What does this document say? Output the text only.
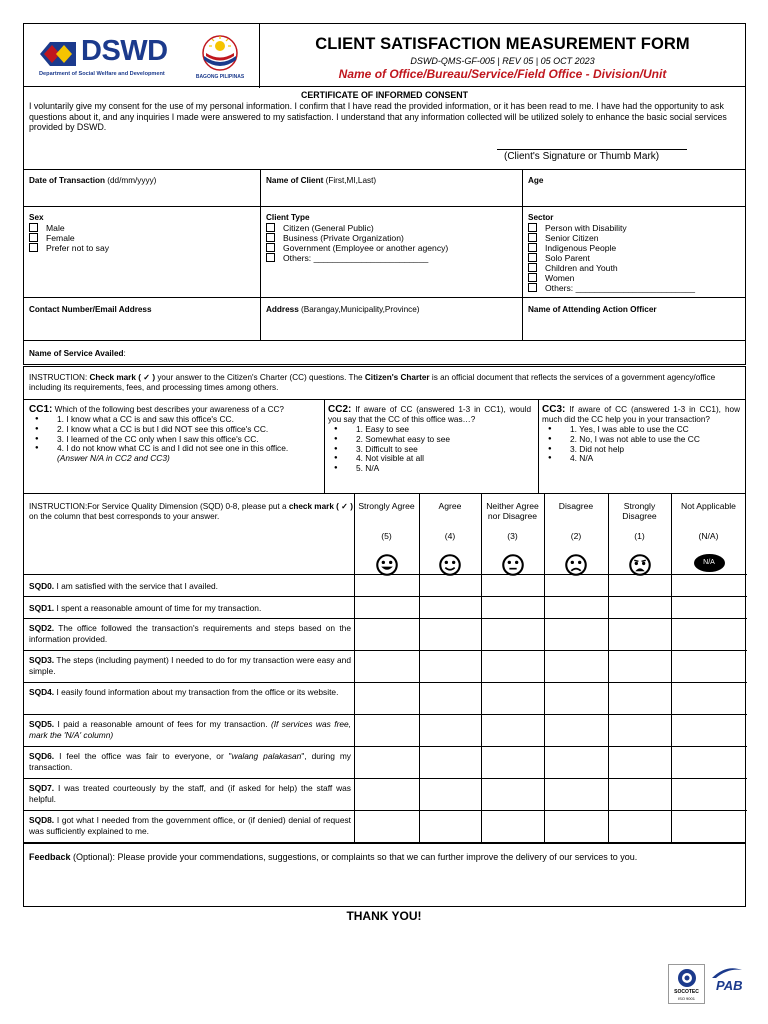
DSWD
Department of Social Welfare and Development	BAGONG PILIPINAS
CLIENT SATISFACTION MEASUREMENT FORM
DSWD-QMS-GF-005 | REV 05 | 05 OCT 2023
Name of Office/Bureau/Service/Field Office - Division/Unit
CERTIFICATE OF INFORMED CONSENT
I voluntarily give my consent for the use of my personal information. I confirm that I have read the provided information, or it has been read to me. I have had the opportunity to ask questions about it, and any inquiries I made were answered to my satisfaction. I understand that any information collected will be utilized solely to enhance the basic social services provided by DSWD.
(Client's Signature or Thumb Mark)
Date of Transaction (dd/mm/yyyy)	Name of Client (First,MI,Last)	Age
Sex
Male
Female
Prefer not to say
Client Type
Citizen (General Public)
Business (Private Organization)
Government (Employee or another agency)
Others: ________________________
Sector
Person with Disability
Senior Citizen
Indigenous People
Solo Parent
Children and Youth
Women
Others: _________________________
Contact Number/Email Address	Address (Barangay,Municipality,Province)	Name of Attending Action Officer
Name of Service Availed:
INSTRUCTION: Check mark ( ✓ ) your answer to the Citizen's Charter (CC) questions. The Citizen's Charter is an official document that reflects the services of a government agency/office including its requirements, fees, and processing times among others.
CC1: Which of the following best describes your awareness of a CC?
● 1. I know what a CC is and saw this office's CC.
● 2. I know what a CC is but I did NOT see this office's CC.
● 3. I learned of the CC only when I saw this office's CC.
● 4. I do not know what CC is and I did not see one in this office. (Answer N/A in CC2 and CC3)
CC2: If aware of CC (answered 1-3 in CC1), would you say that the CC of this office was…?
● 1. Easy to see
● 2. Somewhat easy to see
● 3. Difficult to see
● 4. Not visible at all
● 5. N/A
CC3: If aware of CC (answered 1-3 in CC1), how much did the CC help you in your transaction?
● 1. Yes, I was able to use the CC
● 2. No, I was not able to use the CC
● 3. Did not help
● 4. N/A
INSTRUCTION:For Service Quality Dimension (SQD) 0-8, please put a check mark ( ✓ ) on the column that best corresponds to your answer.
Strongly Agree
(5)
Agree
(4)
Neither Agree nor Disagree
(3)
Disagree
(2)
Strongly Disagree
(1)
Not Applicable
(N/A)
N/A
SQD0. I am satisfied with the service that I availed.
SQD1. I spent a reasonable amount of time for my transaction.
SQD2. The office followed the transaction's requirements and steps based on the information provided.
SQD3. The steps (including payment) I needed to do for my transaction were easy and simple.
SQD4. I easily found information about my transaction from the office or its website.
SQD5. I paid a reasonable amount of fees for my transaction. (If services was free, mark the 'N/A' column)
SQD6. I feel the office was fair to everyone, or "walang palakasan", during my transaction.
SQD7. I was treated courteously by the staff, and (if asked for help) the staff was helpful.
SQD8. I got what I needed from the government office, or (if denied) denial of request was sufficiently explained to me.
Feedback (Optional): Please provide your commendations, suggestions, or complaints so that we can further improve the delivery of our services to you.
THANK YOU!
SOCOTEC
ISO 9001
PAB
